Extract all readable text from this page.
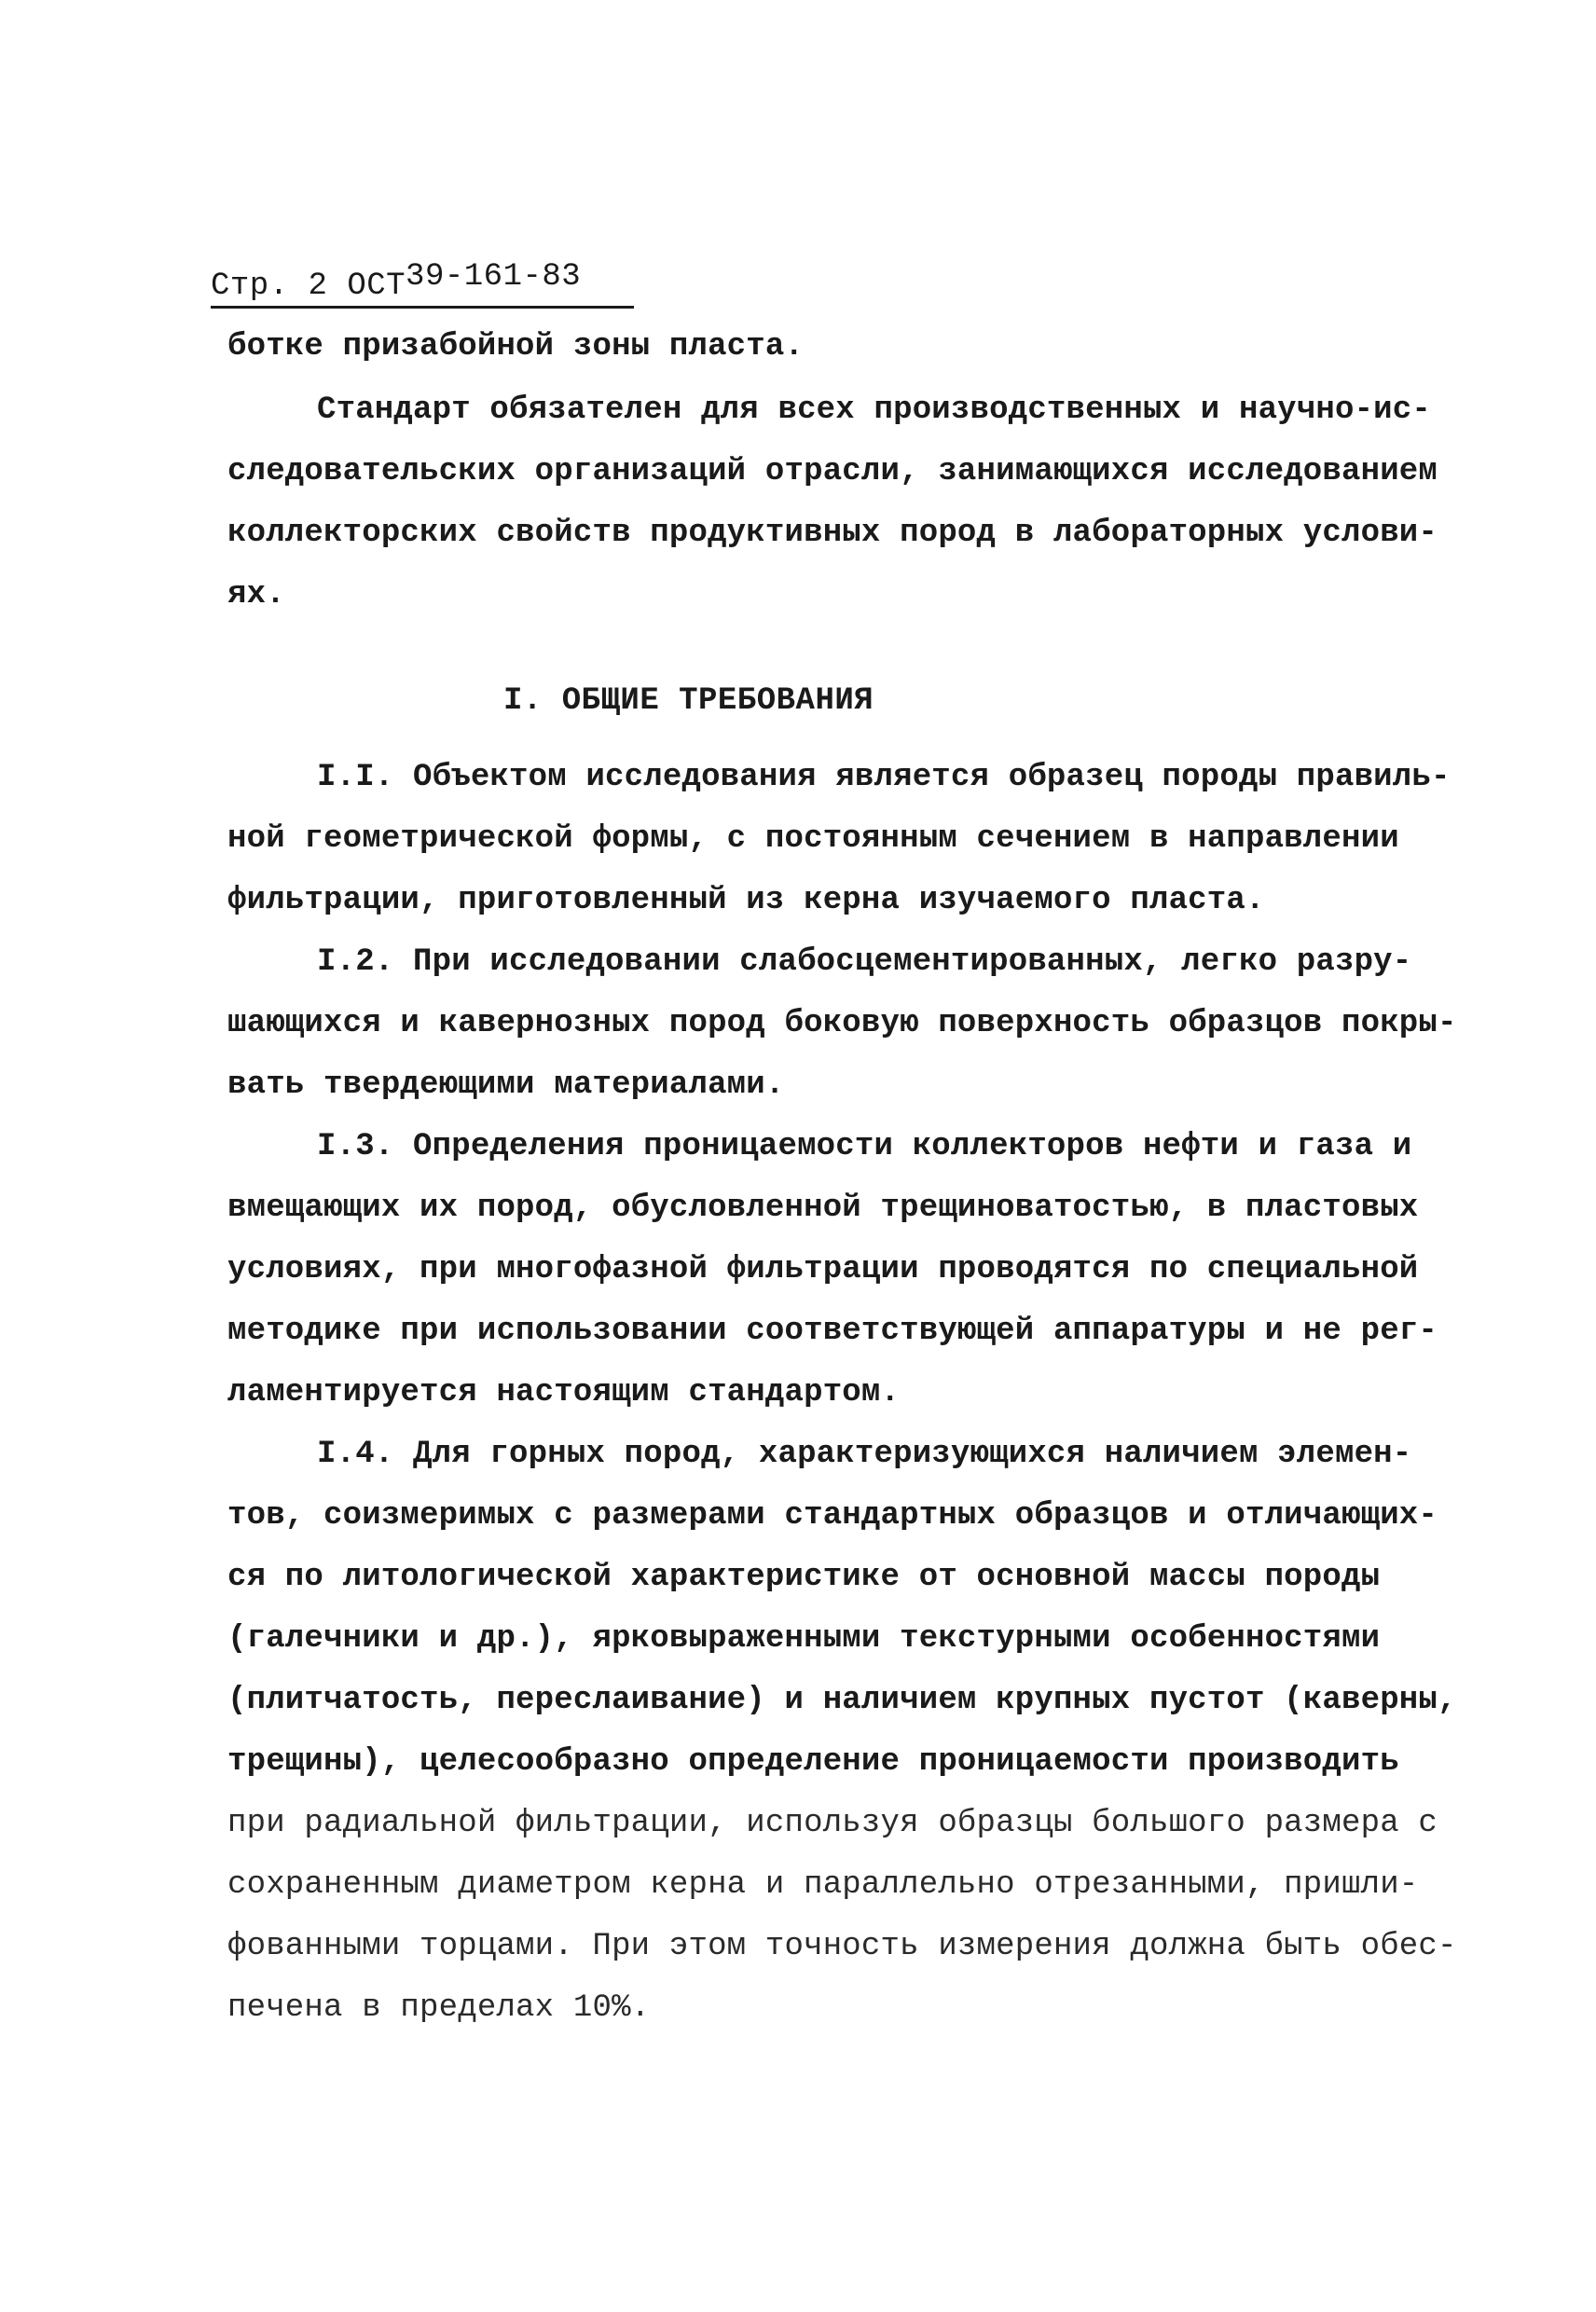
Стр. 2 ОСТ39-161-83
ботке призабойной зоны пласта.
Стандарт обязателен для всех производственных и научно-ис-
следовательских организаций отрасли, занимающихся исследованием
коллекторских свойств продуктивных пород в лабораторных услови-
ях.
I. ОБЩИЕ ТРЕБОВАНИЯ
I.I. Объектом исследования является образец породы правиль-
ной геометрической формы, с постоянным сечением в направлении
фильтрации, приготовленный из керна изучаемого пласта.
I.2. При исследовании слабосцементированных, легко разру-
шающихся и кавернозных пород боковую поверхность образцов покры-
вать твердеющими материалами.
I.3. Определения проницаемости коллекторов нефти и газа и
вмещающих их пород, обусловленной трещиноватостью, в пластовых
условиях, при многофазной фильтрации проводятся по специальной
методике при использовании соответствующей аппаратуры и не рег-
ламентируется настоящим стандартом.
I.4. Для горных пород, характеризующихся наличием элемен-
тов, соизмеримых с размерами стандартных образцов и отличающих-
ся по литологической характеристике от основной массы породы
(галечники и др.), ярковыраженными текстурными особенностями
(плитчатость, переслаивание) и наличием крупных пустот (каверны,
трещины), целесообразно определение проницаемости производить
при радиальной фильтрации, используя образцы большого размера с
сохраненным диаметром керна и параллельно отрезанными, пришли-
фованными торцами. При этом точность измерения должна быть обес-
печена в пределах 10%.
